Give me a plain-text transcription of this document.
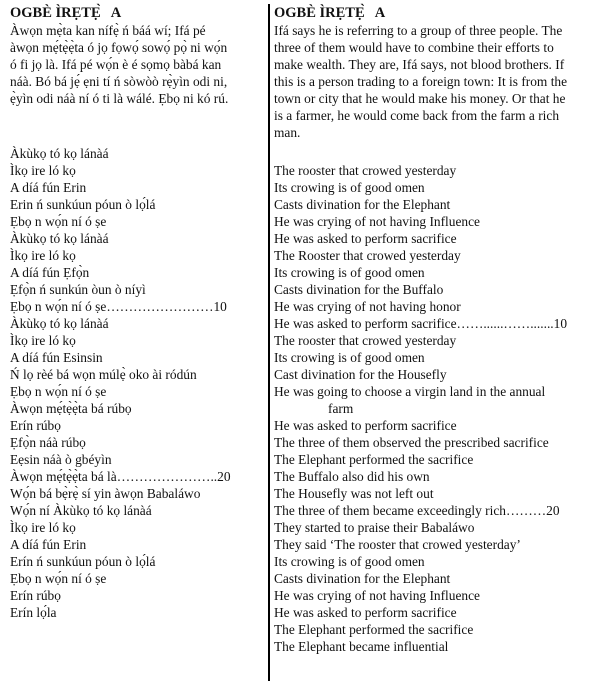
OGBÈ ÌRẸTẸ̀   A
Àwọn mẹ̀ta kan nífẹ̀ ń báá wí; Ifá pé
àwọn mẹ́tẹ̀ẹ̀ta ó jọ fọwọ́ sowọ́ pọ̀ ni wọ́n
ó fi jọ là. Ifá pé wọ́n è é sọmọ bàbá kan
náà. Bó bá jẹ́ ẹni tí ń sòwòò rẹ̀yìn odi ni,
ẹ̀yìn odi náà ní ó ti là wálé. Ẹbọ ni kó rú.
Àkùkọ tó kọ lánàá
Ìkọ ire ló kọ
A díá fún Erin
Erin ń sunkúun póun ò lọ́lá
Ẹbọ n wọ́n ní ó ṣe
Àkùkọ tó kọ lánàá
Ìkọ ire ló kọ
A díá fún Ẹfọ̀n
Ẹfọ̀n ń sunkún òun ò níyì
Ẹbọ n wọ́n ní ó ṣe……………………10
Àkùkọ tó kọ lánàá
Ìkọ ire ló kọ
A díá fún Esinsin
Ń lọ rèé bá wọn múlẹ̀ oko ài ródún
Ẹbọ n wọ́n ní ó ṣe
Àwọn mẹ́tẹ̀ẹ̀ta bá rúbọ
Erín rúbọ
Ẹfọ̀n náà rúbọ
Eẹsin náà ò gbéyìn
Àwọn mẹ́tẹ̀ẹ̀ta bá là…………………..20
Wọ́n bá bẹ̀rẹ̀ sí yin àwọn Babaláwo
Wọ́n ní Àkùkọ tó kọ lánàá
Ìkọ ire ló kọ
A díá fún Erin
Erín ń sunkúun póun ò lọ́lá
Ẹbọ n wọ́n ní ó ṣe
Erín rúbọ
Erín lọ́la
OGBÈ ÌRẸTẸ̀   A
Ifá says he is referring to a group of three people. The
three of them would have to combine their efforts to
make wealth. They are, Ifá says, not blood brothers. If
this is a person trading to a foreign town: It is from the
town or city that he would make his money. Or that he
is a farmer, he would come back from the farm a rich
man.
The rooster that crowed yesterday
Its crowing is of good omen
Casts divination for the Elephant
He was crying of not having Influence
He was asked to perform sacrifice
The Rooster that crowed yesterday
Its crowing is of good omen
Casts divination for the Buffalo
He was crying of not having honor
He was asked to perform sacrifice……......…….......10
The rooster that crowed yesterday
Its crowing is of good omen
Cast divination for the Housefly
He was going to choose a virgin land in the annual
farm
He was asked to perform sacrifice
The three of them observed the prescribed sacrifice
The Elephant performed the sacrifice
The Buffalo also did his own
The Housefly was not left out
The three of them became exceedingly rich………20
They started to praise their Babaláwo
They said ‘The rooster that crowed yesterday’
Its crowing is of good omen
Casts divination for the Elephant
He was crying of not having Influence
He was asked to perform sacrifice
The Elephant performed the sacrifice
The Elephant became influential
